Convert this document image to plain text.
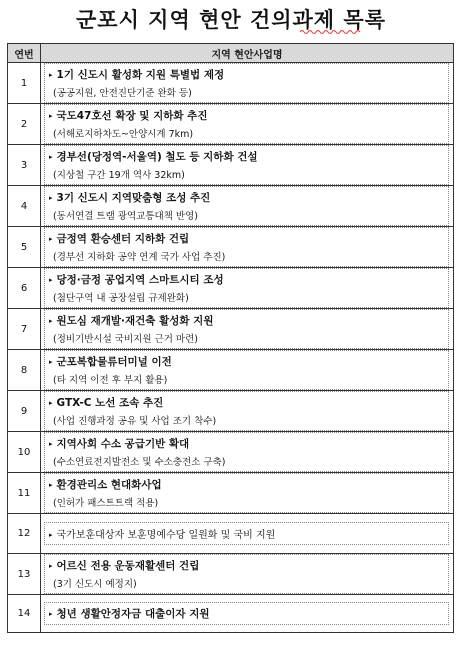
군포시 지역 현안 건의과제 목록
연번	지역 현안사업명
1	▸ 1기 신도시 활성화 지원 특별법 제정
(공공지원, 안전진단기준 완화 등)

2	▸ 국도47호선 확장 및 지하화 추진
(서해로지하차도~안양시계 7km)

3	▸ 경부선(당정역-서울역) 철도 등 지하화 건설
(지상철 구간 19개 역사 32km)

4	▸ 3기 신도시 지역맞춤형 조성 추진
(동서연결 트램 광역교통대책 반영)

5	▸ 금정역 환승센터 지하화 건립
(경부선 지하화 공약 연계 국가 사업 추진)

6	▸ 당정·금정 공업지역 스마트시티 조성
(첨단구역 내 공장설립 규제완화)

7	▸ 원도심 재개발·재건축 활성화 지원
(정비기반시설 국비지원 근거 마련)

8	▸ 군포복합물류터미널 이전
(타 지역 이전 후 부지 활용)

9	▸ GTX-C 노선 조속 추진
(사업 진행과정 공유 및 사업 조기 착수)

10	▸ 지역사회 수소 공급기반 확대
(수소연료전지발전소 및 수소충전소 구축)

11	▸ 환경관리소 현대화사업
(인허가 패스트트랙 적용)

12	▸ 국가보훈대상자 보훈명예수당 일원화 및 국비 지원

13	▸ 어르신 전용 운동재활센터 건립
(3기 신도시 예정지)

14	▸ 청년 생활안정자금 대출이자 지원
